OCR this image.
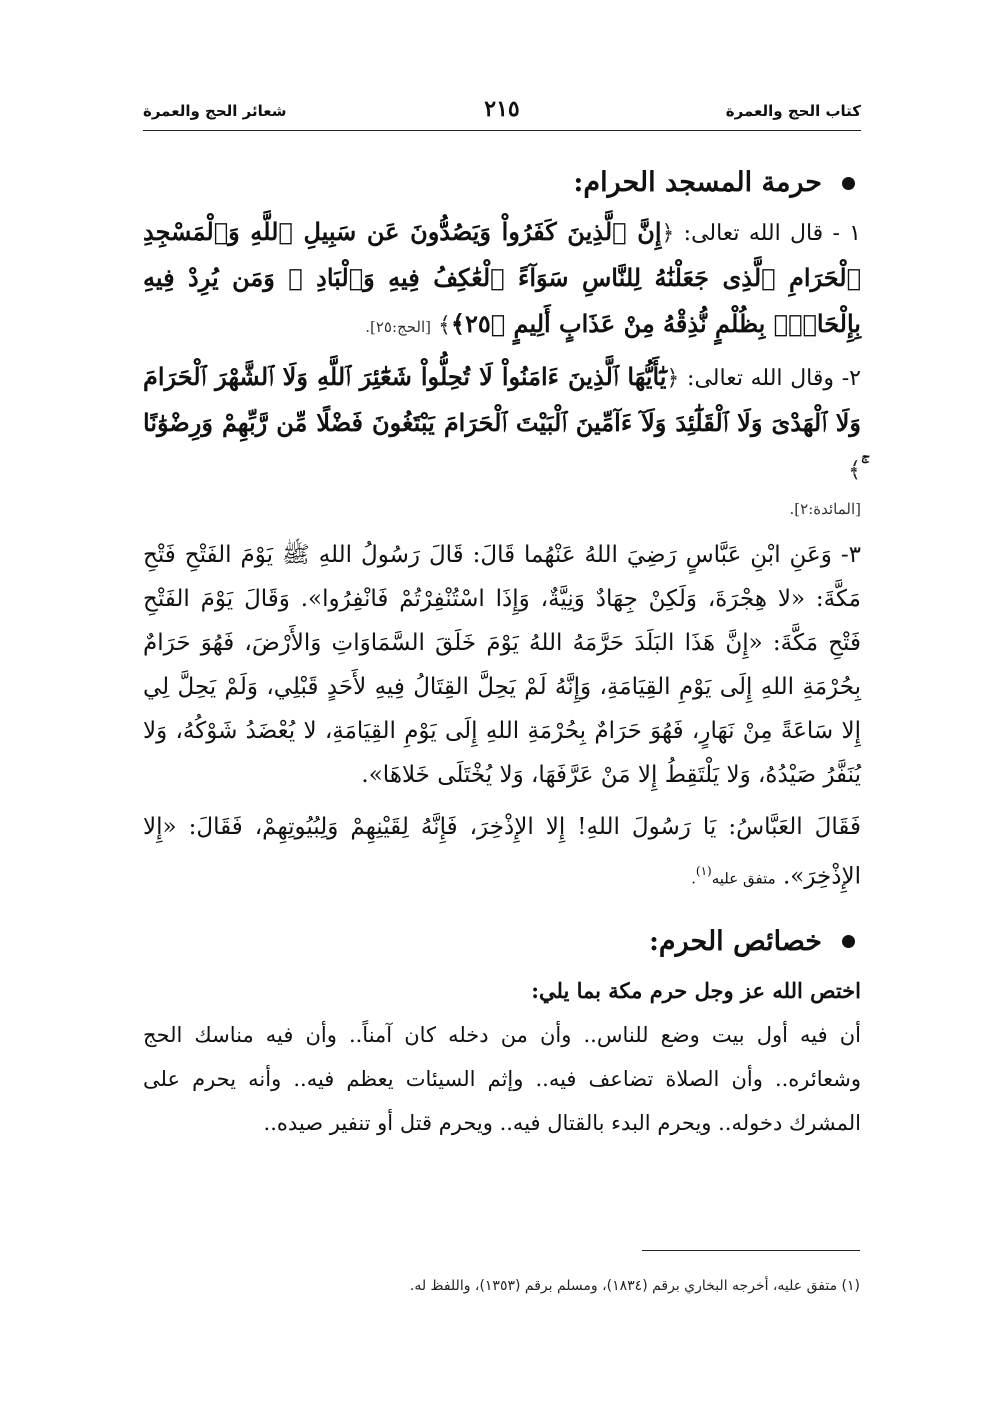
كتاب الحج والعمرة
٢١٥
شعائر الحج والعمرة
حرمة المسجد الحرام:

١ - قال الله تعالى: ﴿إِنَّ ٱلَّذِينَ كَفَرُواْ وَيَصُدُّونَ عَن سَبِيلِ ٱللَّهِ وَٱلْمَسْجِدِ ٱلْحَرَامِ ٱلَّذِى جَعَلْنَٰهُ لِلنَّاسِ سَوَآءً ٱلْعَٰكِفُ فِيهِ وَٱلْبَادِ ۚ وَمَن يُرِدْ فِيهِ بِإِلْحَادٍۭ بِظُلْمٍ نُّذِقْهُ مِنْ عَذَابٍ أَلِيمٍ ﴿٢٥﴾﴾ [الحج:٢٥].

٢- وقال الله تعالى: ﴿يَٰٓأَيُّهَا ٱلَّذِينَ ءَامَنُواْ لَا تُحِلُّواْ شَعَٰٓئِرَ ٱللَّهِ وَلَا ٱلشَّهْرَ ٱلْحَرَامَ وَلَا ٱلْهَدْىَ وَلَا ٱلْقَلَٰٓئِدَ وَلَآ ءَآمِّينَ ٱلْبَيْتَ ٱلْحَرَامَ يَبْتَغُونَ فَضْلًا مِّن رَّبِّهِمْ وَرِضْوَٰنًا ﴾

[المائدة:٢].

٣- وَعَنِ ابْنِ عَبَّاسٍ رَضِيَ اللهُ عَنْهُما قَالَ: قَالَ رَسُولُ اللهِ ﷺ يَوْمَ الفَتْحِ فَتْحِ مَكَّةَ: «لا هِجْرَةَ، وَلَكِنْ جِهَادٌ وَنِيَّةٌ، وَإِذَا اسْتُنْفِرْتُمْ فَانْفِرُوا». وَقَالَ يَوْمَ الفَتْحِ فَتْحِ مَكَّةَ: «إِنَّ هَذَا البَلَدَ حَرَّمَهُ اللهُ يَوْمَ خَلَقَ السَّمَاوَاتِ وَالأَرْضَ، فَهُوَ حَرَامٌ بِحُرْمَةِ اللهِ إِلَى يَوْمِ القِيَامَةِ، وَإِنَّهُ لَمْ يَحِلَّ القِتَالُ فِيهِ لأَحَدٍ قَبْلِي، وَلَمْ يَحِلَّ لِي إِلا سَاعَةً مِنْ نَهَارٍ، فَهُوَ حَرَامٌ بِحُرْمَةِ اللهِ إِلَى يَوْمِ القِيَامَةِ، لا يُعْضَدُ شَوْكُهُ، وَلا يُنَفَّرُ صَيْدُهُ، وَلا يَلْتَقِطُ إِلا مَنْ عَرَّفَهَا، وَلا يُخْتَلَى خَلاهَا».

فَقَالَ العَبَّاسُ: يَا رَسُولَ اللهِ! إِلا الإِذْخِرَ، فَإِنَّهُ لِقَيْنِهِمْ وَلِبُيُوتِهِمْ، فَقَالَ: «إِلا الإِذْخِرَ». متفق عليه$^{(١)}$.

خصائص الحرم:

اختص الله عز وجل حرم مكة بما يلي:

أن فيه أول بيت وضع للناس.. وأن من دخله كان آمناً.. وأن فيه مناسك الحج وشعائره.. وأن الصلاة تضاعف فيه.. وإثم السيئات يعظم فيه.. وأنه يحرم على المشرك دخوله.. ويحرم البدء بالقتال فيه.. ويحرم قتل أو تنفير صيده..

(١) متفق عليه، أخرجه البخاري برقم (١٨٣٤)، ومسلم برقم (١٣٥٣)، واللفظ له.
